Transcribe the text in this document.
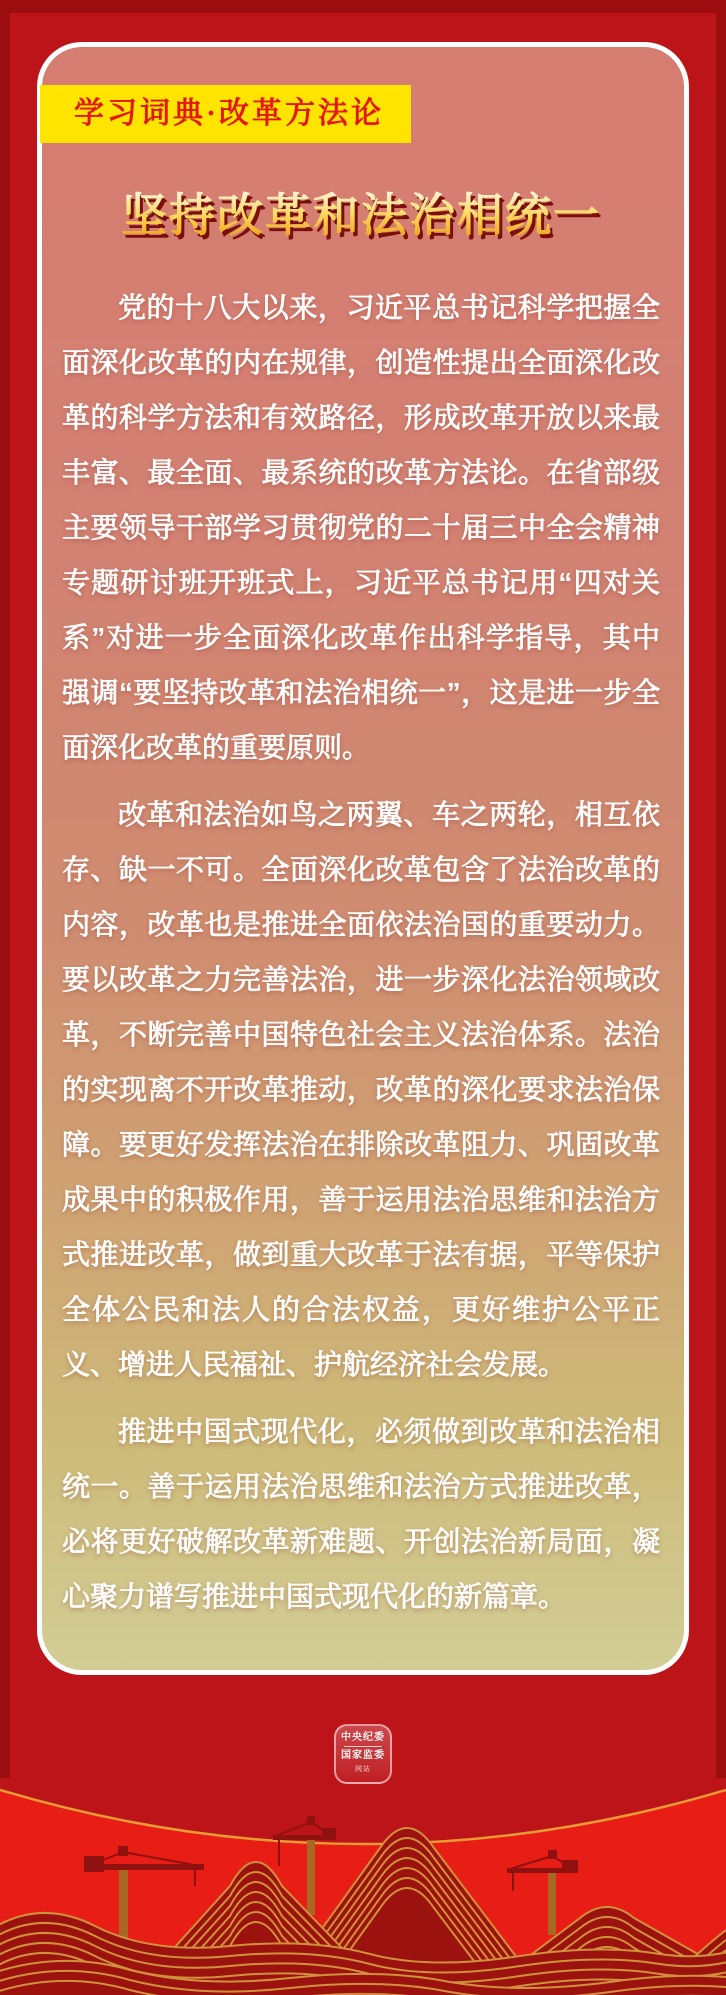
坚持改革和法治相统一

党的十八大以来，习近平总书记科学把握全面深化改革的内在规律，创造性提出全面深化改革的科学方法和有效路径，形成改革开放以来最丰富、最全面、最系统的改革方法论。在省部级主要领导干部学习贯彻党的二十届三中全会精神专题研讨班开班式上，习近平总书记用“四对关系”对进一步全面深化改革作出科学指导，其中强调“要坚持改革和法治相统一”，这是进一步全面深化改革的重要原则。

改革和法治如鸟之两翼、车之两轮，相互依存、缺一不可。全面深化改革包含了法治改革的内容，改革也是推进全面依法治国的重要动力。要以改革之力完善法治，进一步深化法治领域改革，不断完善中国特色社会主义法治体系。法治的实现离不开改革推动，改革的深化要求法治保障。要更好发挥法治在排除改革阻力、巩固改革成果中的积极作用，善于运用法治思维和法治方式推进改革，做到重大改革于法有据，平等保护全体公民和法人的合法权益，更好维护公平正义、增进人民福祉、护航经济社会发展。

推进中国式现代化，必须做到改革和法治相统一。善于运用法治思维和法治方式推进改革，必将更好破解改革新难题、开创法治新局面，凝心聚力谱写推进中国式现代化的新篇章。

学习词典·改革方法论
中央纪委
国家监委
网站
